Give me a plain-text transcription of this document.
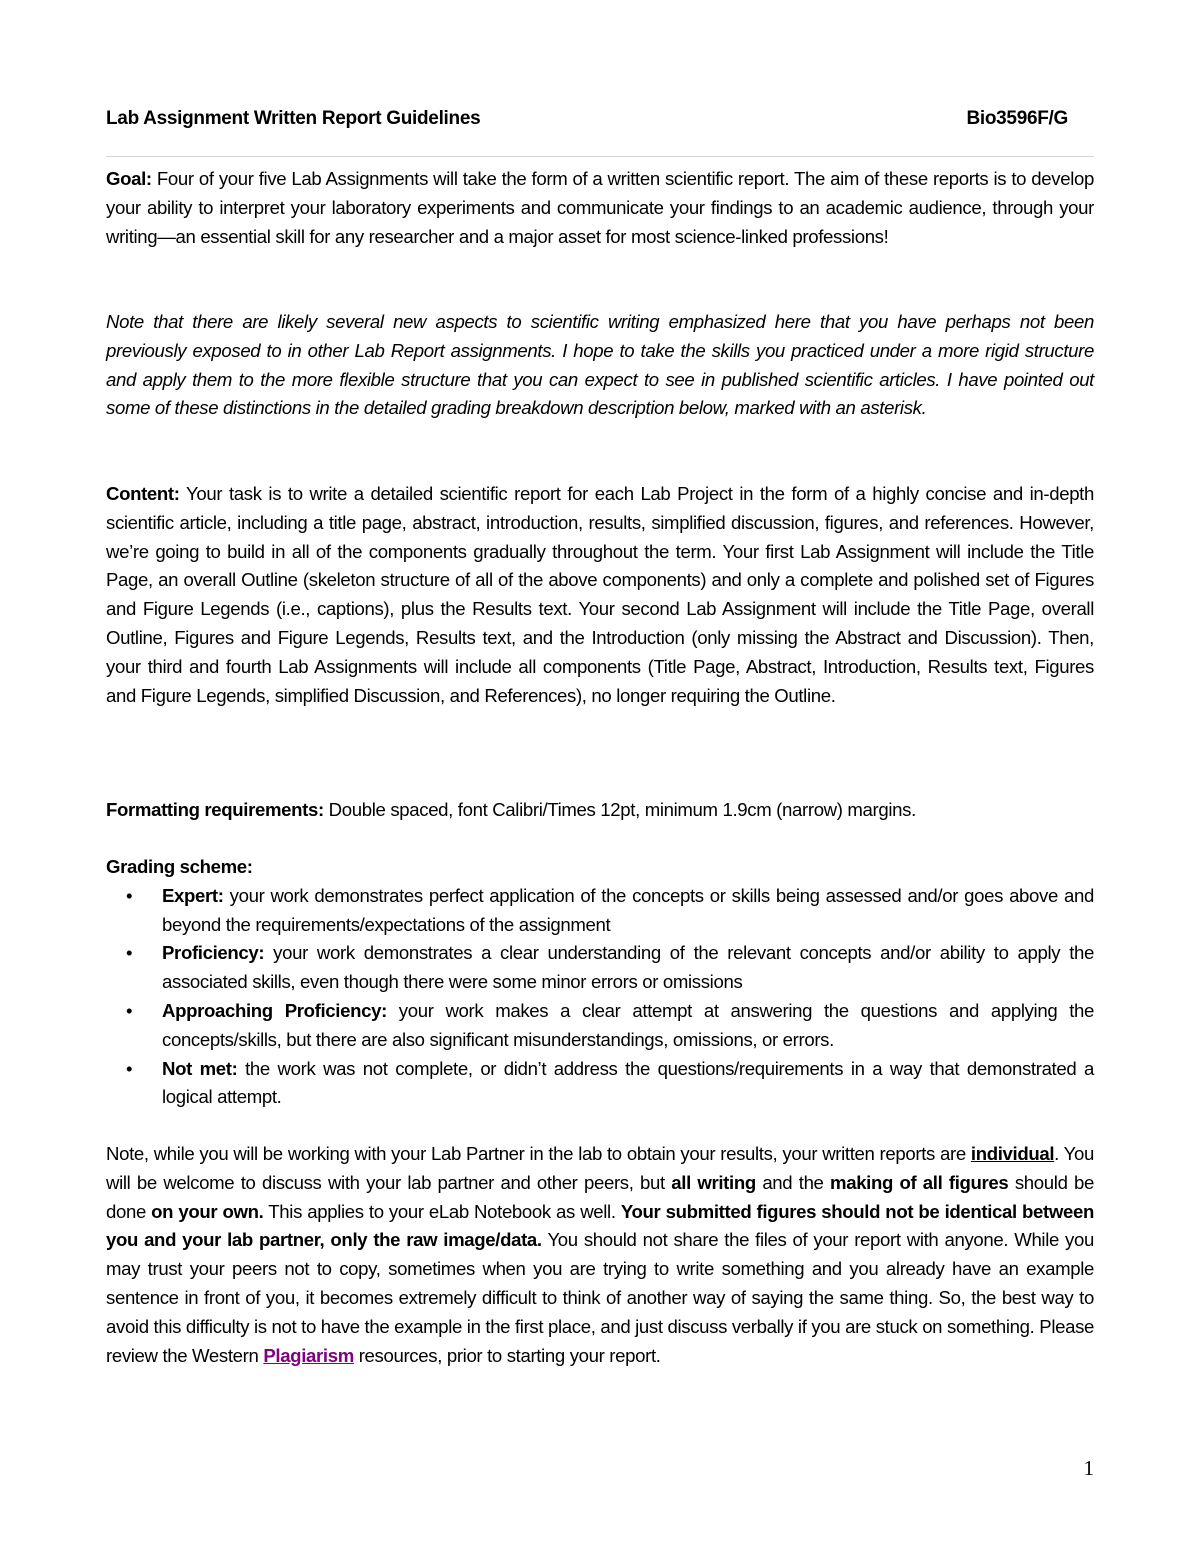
Lab Assignment Written Report Guidelines	Bio3596F/G

Goal: Four of your five Lab Assignments will take the form of a written scientific report. The aim of these reports is to develop your ability to interpret your laboratory experiments and communicate your findings to an academic audience, through your writing—an essential skill for any researcher and a major asset for most science-linked professions!

Note that there are likely several new aspects to scientific writing emphasized here that you have perhaps not been previously exposed to in other Lab Report assignments. I hope to take the skills you practiced under a more rigid structure and apply them to the more flexible structure that you can expect to see in published scientific articles. I have pointed out some of these distinctions in the detailed grading breakdown description below, marked with an asterisk.

Content: Your task is to write a detailed scientific report for each Lab Project in the form of a highly concise and in-depth scientific article, including a title page, abstract, introduction, results, simplified discussion, figures, and references. However, we’re going to build in all of the components gradually throughout the term. Your first Lab Assignment will include the Title Page, an overall Outline (skeleton structure of all of the above components) and only a complete and polished set of Figures and Figure Legends (i.e., captions), plus the Results text. Your second Lab Assignment will include the Title Page, overall Outline, Figures and Figure Legends, Results text, and the Introduction (only missing the Abstract and Discussion). Then, your third and fourth Lab Assignments will include all components (Title Page, Abstract, Introduction, Results text, Figures and Figure Legends, simplified Discussion, and References), no longer requiring the Outline.

Formatting requirements: Double spaced, font Calibri/Times 12pt, minimum 1.9cm (narrow) margins.

Grading scheme:
• Expert: your work demonstrates perfect application of the concepts or skills being assessed and/or goes above and beyond the requirements/expectations of the assignment
• Proficiency: your work demonstrates a clear understanding of the relevant concepts and/or ability to apply the associated skills, even though there were some minor errors or omissions
• Approaching Proficiency: your work makes a clear attempt at answering the questions and applying the concepts/skills, but there are also significant misunderstandings, omissions, or errors.
• Not met: the work was not complete, or didn’t address the questions/requirements in a way that demonstrated a logical attempt.

Note, while you will be working with your Lab Partner in the lab to obtain your results, your written reports are individual. You will be welcome to discuss with your lab partner and other peers, but all writing and the making of all figures should be done on your own. This applies to your eLab Notebook as well. Your submitted figures should not be identical between you and your lab partner, only the raw image/data. You should not share the files of your report with anyone. While you may trust your peers not to copy, sometimes when you are trying to write something and you already have an example sentence in front of you, it becomes extremely difficult to think of another way of saying the same thing. So, the best way to avoid this difficulty is not to have the example in the first place, and just discuss verbally if you are stuck on something. Please review the Western Plagiarism resources, prior to starting your report.

1
